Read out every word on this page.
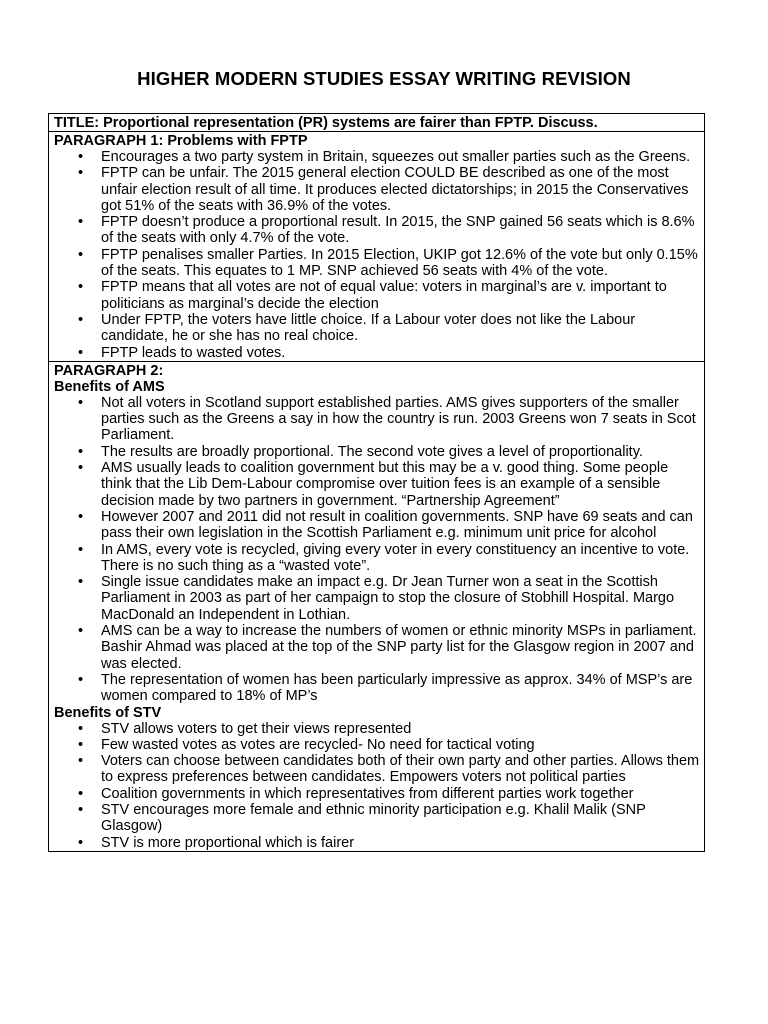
HIGHER MODERN STUDIES ESSAY WRITING REVISION
TITLE: Proportional representation (PR) systems are fairer than FPTP. Discuss.
PARAGRAPH 1: Problems with FPTP
• Encourages a two party system in Britain, squeezes out smaller parties such as the Greens.
• FPTP can be unfair. The 2015 general election COULD BE described as one of the most unfair election result of all time. It produces elected dictatorships; in 2015 the Conservatives got 51% of the seats with 36.9% of the votes.
• FPTP doesn’t produce a proportional result. In 2015, the SNP gained 56 seats which is 8.6% of the seats with only 4.7% of the vote.
• FPTP penalises smaller Parties. In 2015 Election, UKIP got 12.6% of the vote but only 0.15% of the seats. This equates to 1 MP. SNP achieved 56 seats with 4% of the vote.
• FPTP means that all votes are not of equal value: voters in marginal’s are v. important to politicians as marginal’s decide the election
• Under FPTP, the voters have little choice. If a Labour voter does not like the Labour candidate, he or she has no real choice.
• FPTP leads to wasted votes.
PARAGRAPH 2:
Benefits of AMS
• Not all voters in Scotland support established parties. AMS gives supporters of the smaller parties such as the Greens a say in how the country is run. 2003 Greens won 7 seats in Scot Parliament.
• The results are broadly proportional. The second vote gives a level of proportionality.
• AMS usually leads to coalition government but this may be a v. good thing. Some people think that the Lib Dem-Labour compromise over tuition fees is an example of a sensible decision made by two partners in government. “Partnership Agreement”
• However 2007 and 2011 did not result in coalition governments. SNP have 69 seats and can pass their own legislation in the Scottish Parliament e.g. minimum unit price for alcohol
• In AMS, every vote is recycled, giving every voter in every constituency an incentive to vote. There is no such thing as a “wasted vote”.
• Single issue candidates make an impact e.g. Dr Jean Turner won a seat in the Scottish Parliament in 2003 as part of her campaign to stop the closure of Stobhill Hospital. Margo MacDonald an Independent in Lothian.
• AMS can be a way to increase the numbers of women or ethnic minority MSPs in parliament. Bashir Ahmad was placed at the top of the SNP party list for the Glasgow region in 2007 and was elected.
• The representation of women has been particularly impressive as approx. 34% of MSP’s are women compared to 18% of MP’s
Benefits of STV
• STV allows voters to get their views represented
• Few wasted votes as votes are recycled- No need for tactical voting
• Voters can choose between candidates both of their own party and other parties. Allows them to express preferences between candidates. Empowers voters not political parties
• Coalition governments in which representatives from different parties work together
• STV encourages more female and ethnic minority participation e.g. Khalil Malik (SNP Glasgow)
• STV is more proportional which is fairer
